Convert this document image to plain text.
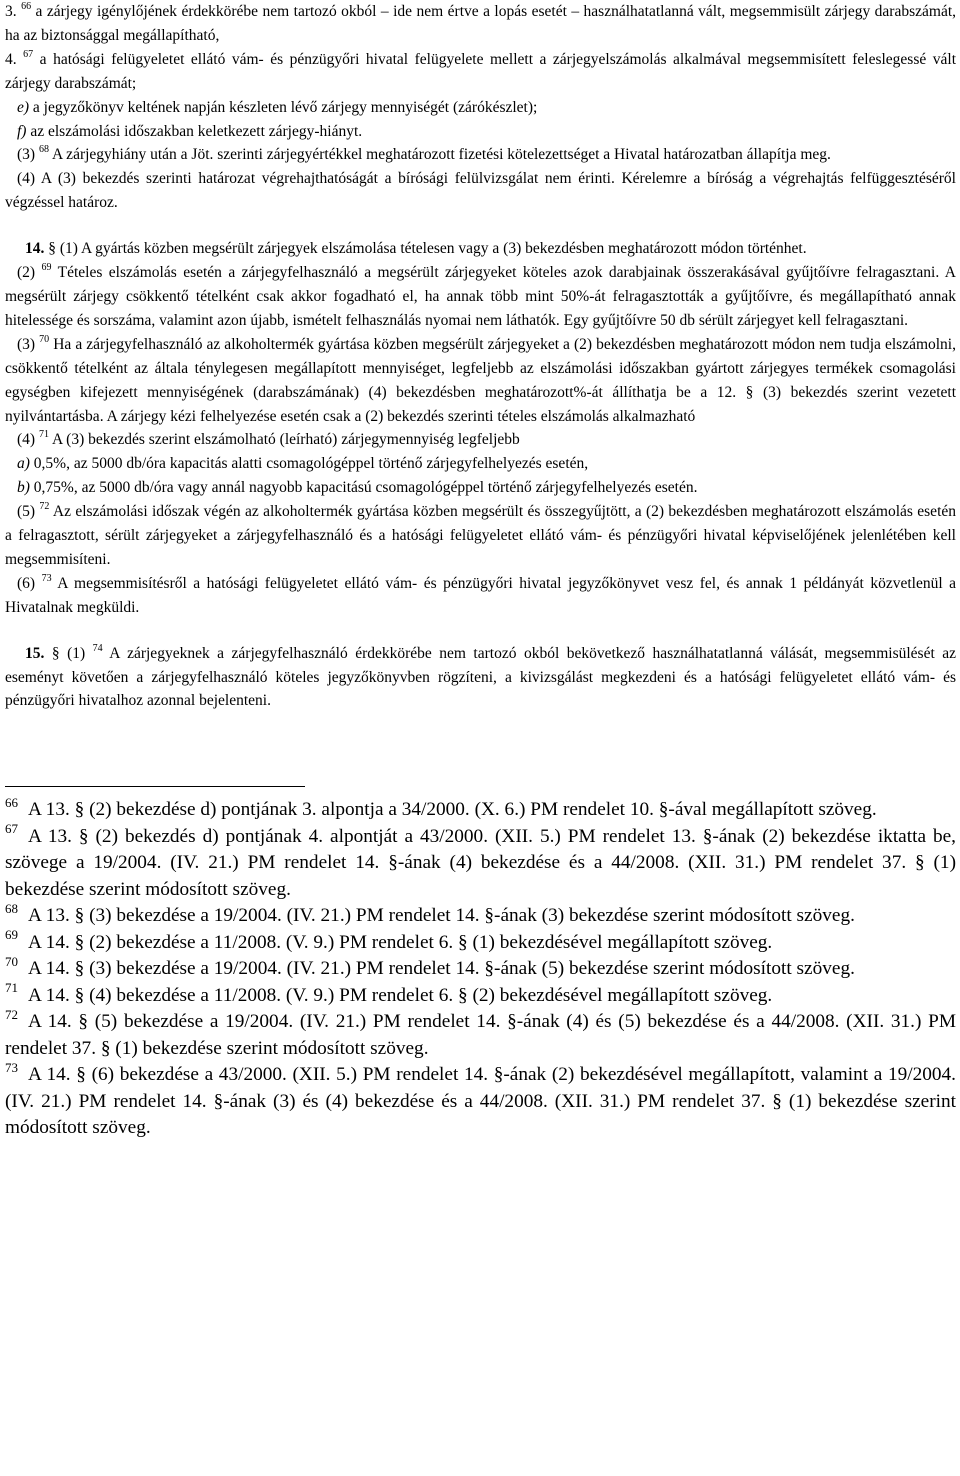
3. $^{66}$ a zárjegy igénylőjének érdekkörébe nem tartozó okból – ide nem értve a lopás esetét – használhatatlanná vált, megsemmisült zárjegy darabszámát, ha az biztonsággal megállapítható,

4. $^{67}$ a hatósági felügyeletet ellátó vám- és pénzügyőri hivatal felügyelete mellett a zárjegyelszámolás alkalmával megsemmisített feleslegessé vált zárjegy darabszámát;

e) a jegyzőkönyv keltének napján készleten lévő zárjegy mennyiségét (zárókészlet);

f) az elszámolási időszakban keletkezett zárjegy-hiányt.

(3) $^{68}$ A zárjegyhiány után a Jöt. szerinti zárjegyértékkel meghatározott fizetési kötelezettséget a Hivatal határozatban állapítja meg.

(4) A (3) bekezdés szerinti határozat végrehajthatóságát a bírósági felülvizsgálat nem érinti. Kérelemre a bíróság a végrehajtás felfüggesztéséről végzéssel határoz.

14. § (1) A gyártás közben megsérült zárjegyek elszámolása tételesen vagy a (3) bekezdésben meghatározott módon történhet.

(2) $^{69}$ Tételes elszámolás esetén a zárjegyfelhasználó a megsérült zárjegyeket köteles azok darabjainak összerakásával gyűjtőívre felragasztani. A megsérült zárjegy csökkentő tételként csak akkor fogadható el, ha annak több mint 50%-át felragasztották a gyűjtőívre, és megállapítható annak hitelessége és sorszáma, valamint azon újabb, ismételt felhasználás nyomai nem láthatók. Egy gyűjtőívre 50 db sérült zárjegyet kell felragasztani.

(3) $^{70}$ Ha a zárjegyfelhasználó az alkoholtermék gyártása közben megsérült zárjegyeket a (2) bekezdésben meghatározott módon nem tudja elszámolni, csökkentő tételként az általa ténylegesen megállapított mennyiséget, legfeljebb az elszámolási időszakban gyártott zárjegyes termékek csomagolási egységben kifejezett mennyiségének (darabszámának) (4) bekezdésben meghatározott%-át állíthatja be a 12. § (3) bekezdés szerint vezetett nyilvántartásba. A zárjegy kézi felhelyezése esetén csak a (2) bekezdés szerinti tételes elszámolás alkalmazható

(4) $^{71}$ A (3) bekezdés szerint elszámolható (leírható) zárjegymennyiség legfeljebb

a) 0,5%, az 5000 db/óra kapacitás alatti csomagológéppel történő zárjegyfelhelyezés esetén,

b) 0,75%, az 5000 db/óra vagy annál nagyobb kapacitású csomagológéppel történő zárjegyfelhelyezés esetén.

(5) $^{72}$ Az elszámolási időszak végén az alkoholtermék gyártása közben megsérült és összegyűjtött, a (2) bekezdésben meghatározott elszámolás esetén a felragasztott, sérült zárjegyeket a zárjegyfelhasználó és a hatósági felügyeletet ellátó vám- és pénzügyőri hivatal képviselőjének jelenlétében kell megsemmisíteni.

(6) $^{73}$ A megsemmisítésről a hatósági felügyeletet ellátó vám- és pénzügyőri hivatal jegyzőkönyvet vesz fel, és annak 1 példányát közvetlenül a Hivatalnak megküldi.

15. § (1) $^{74}$ A zárjegyeknek a zárjegyfelhasználó érdekkörébe nem tartozó okból bekövetkező használhatatlanná válását, megsemmisülését az eseményt követően a zárjegyfelhasználó köteles jegyzőkönyvben rögzíteni, a kivizsgálást megkezdeni és a hatósági felügyeletet ellátó vám- és pénzügyőri hivatalhoz azonnal bejelenteni.

$^{66}$ A 13. § (2) bekezdése d) pontjának 3. alpontja a 34/2000. (X. 6.) PM rendelet 10. §-ával megállapított szöveg.

$^{67}$ A 13. § (2) bekezdés d) pontjának 4. alpontját a 43/2000. (XII. 5.) PM rendelet 13. §-ának (2) bekezdése iktatta be, szövege a 19/2004. (IV. 21.) PM rendelet 14. §-ának (4) bekezdése és a 44/2008. (XII. 31.) PM rendelet 37. § (1) bekezdése szerint módosított szöveg.

$^{68}$ A 13. § (3) bekezdése a 19/2004. (IV. 21.) PM rendelet 14. §-ának (3) bekezdése szerint módosított szöveg.

$^{69}$ A 14. § (2) bekezdése a 11/2008. (V. 9.) PM rendelet 6. § (1) bekezdésével megállapított szöveg.

$^{70}$ A 14. § (3) bekezdése a 19/2004. (IV. 21.) PM rendelet 14. §-ának (5) bekezdése szerint módosított szöveg.

$^{71}$ A 14. § (4) bekezdése a 11/2008. (V. 9.) PM rendelet 6. § (2) bekezdésével megállapított szöveg.

$^{72}$ A 14. § (5) bekezdése a 19/2004. (IV. 21.) PM rendelet 14. §-ának (4) és (5) bekezdése és a 44/2008. (XII. 31.) PM rendelet 37. § (1) bekezdése szerint módosított szöveg.

$^{73}$ A 14. § (6) bekezdése a 43/2000. (XII. 5.) PM rendelet 14. §-ának (2) bekezdésével megállapított, valamint a 19/2004. (IV. 21.) PM rendelet 14. §-ának (3) és (4) bekezdése és a 44/2008. (XII. 31.) PM rendelet 37. § (1) bekezdése szerint módosított szöveg.
